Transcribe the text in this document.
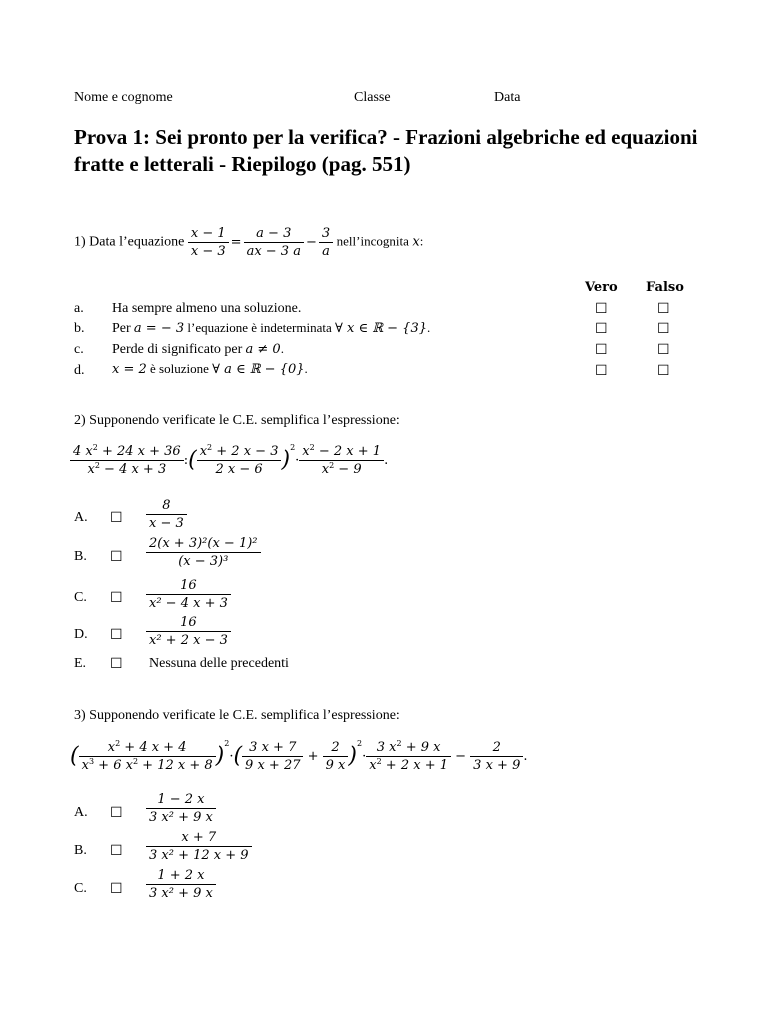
Nome e cognome	Classe	Data
Prova 1: Sei pronto per la verifica? - Frazioni algebriche ed equazioni fratte e letterali - Riepilogo (pag. 551)
1) Data l’equazione $\frac{x - 1}{x - 3} = \frac{a - 3}{ax - 3 a} - \frac{3}{a}$ nell’incognita x:
Vero Falso
a. Ha sempre almeno una soluzione.	☐	☐
b. Per a = − 3 l’equazione è indeterminata ∀ x ∈ ℝ − {3}.	☐	☐
c. Perde di significato per a ≠ 0.	☐	☐
d. x = 2 è soluzione ∀ a ∈ ℝ − {0}.	☐	☐
2) Supponendo verificate le C.E. semplifica l’espressione:
$\frac{4 x^2 + 24 x + 36}{x^2 - 4 x + 3}$ :( $\frac{x^2 + 2 x - 3}{2 x - 6} )^2\cdot \frac{x^2 - 2 x + 1}{x^2 - 9}$ .
A. ☐ $\frac{8}{x - 3}$
B. ☐ $\frac{\text{2(x + 3)²(x − 1)²}}{\text{(x − 3)³}}$
C. ☐ $\frac{16}{\text{x² − 4 x + 3}}$
D. ☐ $\frac{16}{\text{x² + 2 x − 3}}$
E. ☐ Nessuna delle precedenti
3) Supponendo verificate le C.E. semplifica l’espressione:
( $\frac{x^2 + 4 x + 4}{x^3 + 6 x^2 + 12 x + 8} )^2\cdot( \frac{3 x + 7}{9 x + 27} + \frac{2}{9 x} )^2\cdot \frac{3 x^2 + 9 x}{x^2 + 2 x + 1} - \frac{2}{3 x + 9}$ .
A. ☐ $\frac{1 - 2 x}{\text{3 x² + 9 x}}$
B. ☐ $\frac{x + 7}{\text{3 x² + 12 x + 9}}$
C. ☐ $\frac{1 + 2 x}{\text{3 x² + 9 x}}$
